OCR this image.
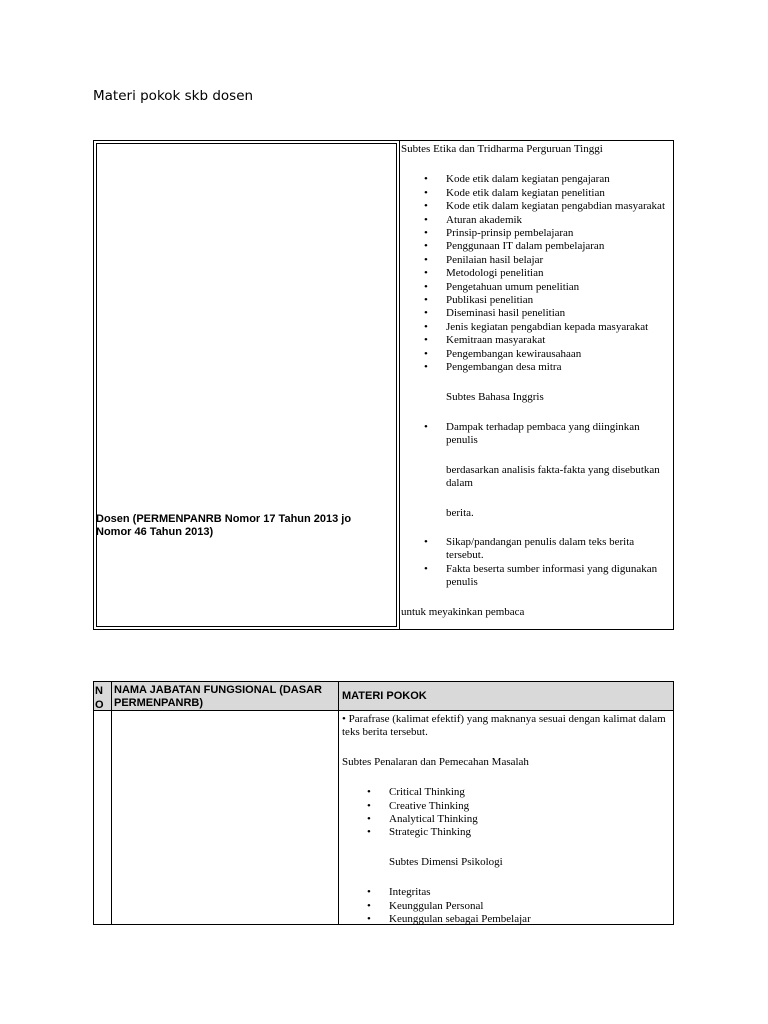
Materi pokok skb dosen
Dosen (PERMENPANRB Nomor 17 Tahun 2013 jo Nomor 46 Tahun 2013)

Subtes Etika dan Tridharma Perguruan Tinggi

• Kode etik dalam kegiatan pengajaran
• Kode etik dalam kegiatan penelitian
• Kode etik dalam kegiatan pengabdian masyarakat
• Aturan akademik
• Prinsip-prinsip pembelajaran
• Penggunaan IT dalam pembelajaran
• Penilaian hasil belajar
• Metodologi penelitian
• Pengetahuan umum penelitian
• Publikasi penelitian
• Diseminasi hasil penelitian
• Jenis kegiatan pengabdian kepada masyarakat
• Kemitraan masyarakat
• Pengembangan kewirausahaan
• Pengembangan desa mitra

Subtes Bahasa Inggris

• Dampak terhadap pembaca yang diinginkan penulis

berdasarkan analisis fakta-fakta yang disebutkan dalam

berita.

• Sikap/pandangan penulis dalam teks berita tersebut.
• Fakta beserta sumber informasi yang digunakan penulis

untuk meyakinkan pembaca

NO
NAMA JABATAN FUNGSIONAL (DASAR PERMENPANRB)
MATERI POKOK

• Parafrase (kalimat efektif) yang maknanya sesuai dengan kalimat dalam teks berita tersebut.

Subtes Penalaran dan Pemecahan Masalah

• Critical Thinking
• Creative Thinking
• Analytical Thinking
• Strategic Thinking

Subtes Dimensi Psikologi

• Integritas
• Keunggulan Personal
• Keunggulan sebagai Pembelajar
